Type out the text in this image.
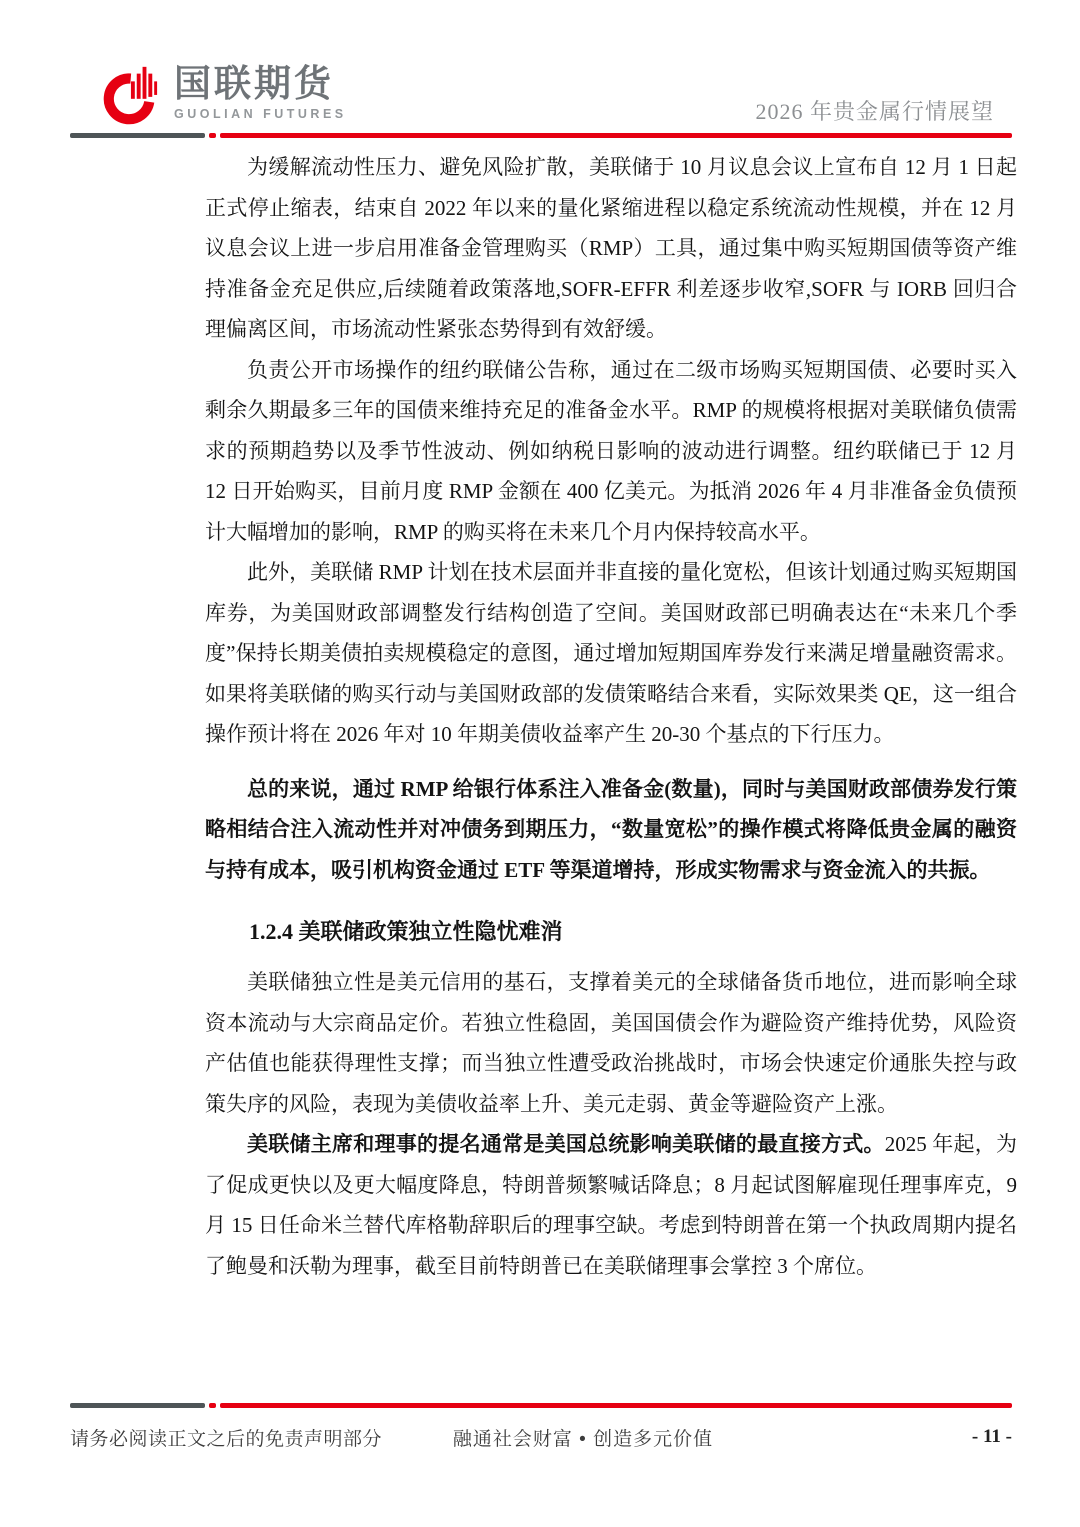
国联期货
GUOLIAN FUTURES	2026 年贵金属行情展望

为缓解流动性压力、避免风险扩散，美联储于 10 月议息会议上宣布自 12 月 1 日起正式停止缩表，结束自 2022 年以来的量化紧缩进程以稳定系统流动性规模，并在 12 月议息会议上进一步启用准备金管理购买（RMP）工具，通过集中购买短期国债等资产维持准备金充足供应,后续随着政策落地,SOFR-EFFR 利差逐步收窄,SOFR 与 IORB 回归合理偏离区间，市场流动性紧张态势得到有效舒缓。

负责公开市场操作的纽约联储公告称，通过在二级市场购买短期国债、必要时买入剩余久期最多三年的国债来维持充足的准备金水平。RMP 的规模将根据对美联储负债需求的预期趋势以及季节性波动、例如纳税日影响的波动进行调整。纽约联储已于 12 月 12 日开始购买，目前月度 RMP 金额在 400 亿美元。为抵消 2026 年 4 月非准备金负债预计大幅增加的影响，RMP 的购买将在未来几个月内保持较高水平。

此外，美联储 RMP 计划在技术层面并非直接的量化宽松，但该计划通过购买短期国库券，为美国财政部调整发行结构创造了空间。美国财政部已明确表达在“未来几个季度”保持长期美债拍卖规模稳定的意图，通过增加短期国库券发行来满足增量融资需求。如果将美联储的购买行动与美国财政部的发债策略结合来看，实际效果类 QE，这一组合操作预计将在 2026 年对 10 年期美债收益率产生 20-30 个基点的下行压力。

总的来说，通过 RMP 给银行体系注入准备金(数量)，同时与美国财政部债券发行策略相结合注入流动性并对冲债务到期压力，“数量宽松”的操作模式将降低贵金属的融资与持有成本，吸引机构资金通过 ETF 等渠道增持，形成实物需求与资金流入的共振。

1.2.4 美联储政策独立性隐忧难消

美联储独立性是美元信用的基石，支撑着美元的全球储备货币地位，进而影响全球资本流动与大宗商品定价。若独立性稳固，美国国债会作为避险资产维持优势，风险资产估值也能获得理性支撑；而当独立性遭受政治挑战时，市场会快速定价通胀失控与政策失序的风险，表现为美债收益率上升、美元走弱、黄金等避险资产上涨。

美联储主席和理事的提名通常是美国总统影响美联储的最直接方式。2025 年起，为了促成更快以及更大幅度降息，特朗普频繁喊话降息；8 月起试图解雇现任理事库克，9 月 15 日任命米兰替代库格勒辞职后的理事空缺。考虑到特朗普在第一个执政周期内提名了鲍曼和沃勒为理事，截至目前特朗普已在美联储理事会掌控 3 个席位。

请务必阅读正文之后的免责声明部分	融通社会财富 • 创造多元价值	- 11 -
